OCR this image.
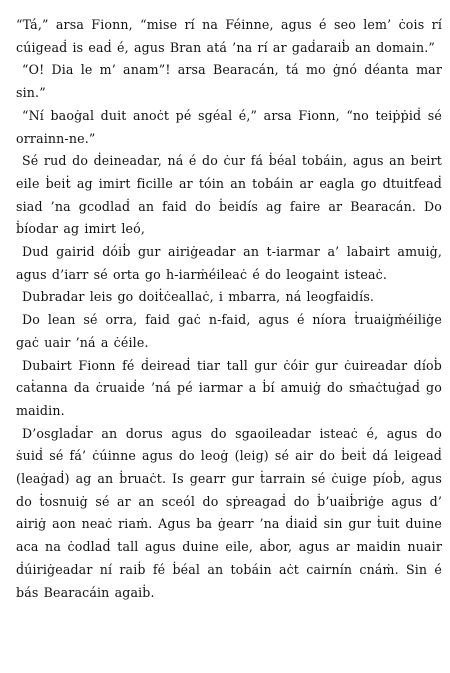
“Tá,” arsa Fionn, “mise rí na Féinne, agus é seo lem’ ċois rí cúigeaḋ is eaḋ é, agus Bran atá ’na rí ar gaḋaraiḃ an domain.”

“O! Dia le m’ anam”! arsa Bearacán, tá mo ġnó déanta mar sin.”

“Ní baoġal duit anoċt pé sgéal é,” arsa Fionn, “no teiṗṗiḋ sé orrainn-ne.”

Sé rud do ḋeineadar, ná é do ċur fá ḃéal tobáin, agus an beirt eile ḃeiṫ ag imirt ficille ar tóin an tobáin ar eagla go dtuitfeaḋ siad ’na gcodlaḋ an faid do ḃeidís ag faire ar Bearacán. Do ḃíodar ag imirt leó,

Dud gairid dóiḃ gur airiġeadar an t-iarmar a’ labairt amuiġ, agus d’iarr sé orta go h-iarṁéileaċ é do leogaint isteaċ.

Dubradar leis go doiṫċeallaċ, i mbarra, ná leogfaidís.

Do lean sé orra, faid gaċ n-faid, agus é níora ṫruaiġṁéiliġe gaċ uair ’ná a ċéile.

Dubairt Fionn fé ḋeireaḋ tiar tall gur ċóir gur ċuireadar díoḃ caṫanna da ċruaiḋe ’ná pé iarmar a ḃí amuiġ do sṁaċtuġaḋ go maidin.

D’osglaḋar an dorus agus do sgaoileadar isteaċ é, agus do ṡuiḋ sé fá’ ċúinne agus do leoġ (leig) sé air do ḃeiṫ dá leigeaḋ (leaġaḋ) ag an ḃruaċt. Is gearr gur ṫarrain sé ċuige píoḃ, agus do ṫosnuiġ sé ar an sceól do sṗreagaḋ do ḃ’uaiḃriġe agus d’ airiġ aon neaċ riaṁ. Agus ba ġearr ’na ḋiaiḋ sin gur ṫuit duine aca na ċodlaḋ tall agus duine eile, aḃor, agus ar maidin nuair ḋúiriġeadar ní raiḃ fé ḃéal an tobáin aċt cairnín cnáṁ. Sin é bás Bearacáin agaiḃ.
